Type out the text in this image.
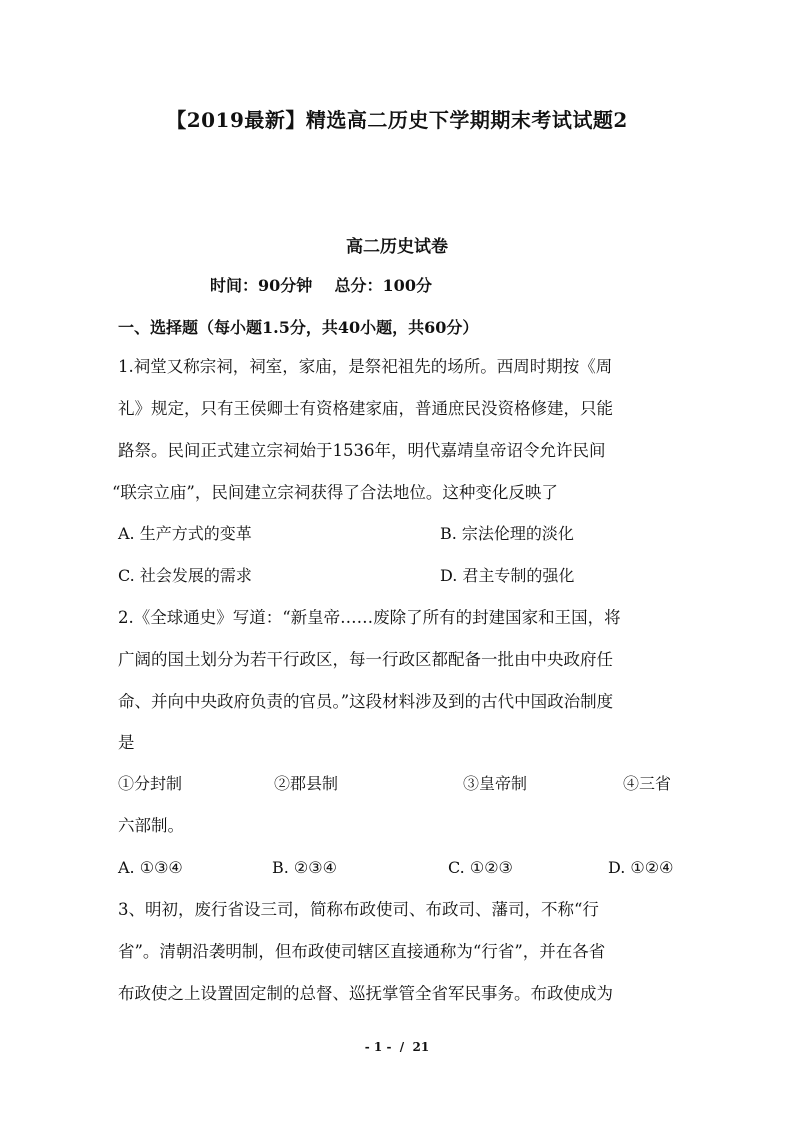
【2019最新】精选高二历史下学期期末考试试题2
高二历史试卷
时间：90分钟    总分：100分
一、选择题（每小题1.5分，共40小题，共60分）
1.祠堂又称宗祠，祠室，家庙，是祭祀祖先的场所。西周时期按《周
礼》规定，只有王侯卿士有资格建家庙，普通庶民没资格修建，只能
路祭。民间正式建立宗祠始于1536年，明代嘉靖皇帝诏令允许民间
“联宗立庙”，民间建立宗祠获得了合法地位。这种变化反映了
A. 生产方式的变革	B. 宗法伦理的淡化
C. 社会发展的需求	D. 君主专制的强化
2.《全球通史》写道：“新皇帝……废除了所有的封建国家和王国，将
广阔的国土划分为若干行政区，每一行政区都配备一批由中央政府任
命、并向中央政府负责的官员。”这段材料涉及到的古代中国政治制度
是
①分封制	②郡县制	③皇帝制	④三省
六部制。
A. ①③④	B. ②③④	C. ①②③	D. ①②④
3、明初，废行省设三司，简称布政使司、布政司、藩司，不称“行
省”。清朝沿袭明制，但布政使司辖区直接通称为“行省”，并在各省
布政使之上设置固定制的总督、巡抚掌管全省军民事务。布政使成为
- 1 -  /  21
